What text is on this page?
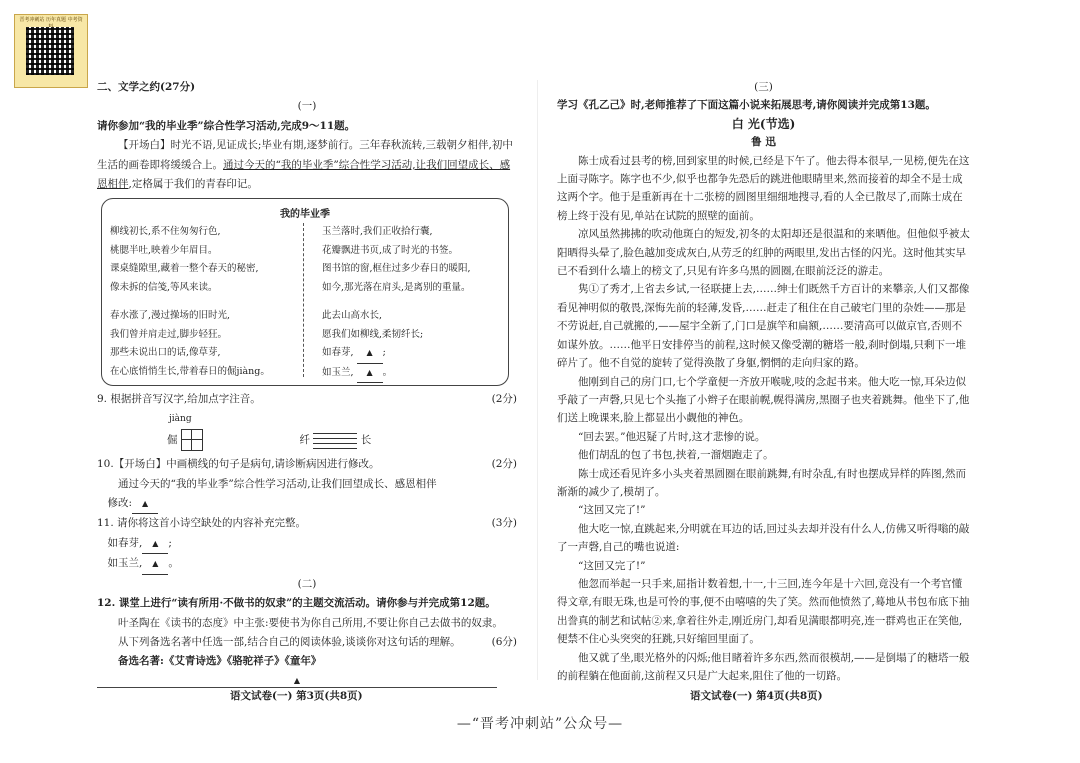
晋考冲刺站 历年真题 中考资
二、文学之约(27分)
(一)
请你参加“我的毕业季”综合性学习活动,完成9～11题。
【开场白】时光不语,见证成长;毕业有期,逐梦前行。三年春秋流转,三载朝夕相伴,初中生活的画卷即将缓缓合上。通过今天的“我的毕业季”综合性学习活动,让我们回望成长、感恩相伴,定格属于我们的青春印记。
我的毕业季
柳线初长,系不住匆匆行色,
桃腮半吐,映着少年眉目。
课桌缝隙里,藏着一整个春天的秘密,
像未拆的信笺,等风来读。
春水涨了,漫过操场的旧时光,
我们曾并肩走过,脚步轻狂。
那些未说出口的话,像草芽,
在心底悄悄生长,带着春日的倔jiàng。
玉兰落时,我们正收拾行囊,
花瓣飘进书页,成了时光的书签。
图书馆的窗,框住过多少春日的暖阳,
如今,那光落在肩头,是离别的重量。
此去山高水长,
愿我们如柳线,柔韧纤长;
如春芽, ▲ ;
如玉兰, ▲ 。
9. 根据拼音写汉字,给加点字注音。	(2分)
jiàng
倔	纤	长
10.【开场白】中画横线的句子是病句,请诊断病因进行修改。	(2分)
通过今天的“我的毕业季”综合性学习活动,让我们回望成长、感恩相伴
修改: ▲
11. 请你将这首小诗空缺处的内容补充完整。	(3分)
如春芽, ▲ ;
如玉兰, ▲ 。
(二)
12. 课堂上进行“读有所用·不做书的奴隶”的主题交流活动。请你参与并完成第12题。
叶圣陶在《读书的态度》中主张:要使书为你自己所用,不要让你自己去做书的奴隶。
从下列备选名著中任选一部,结合自己的阅读体验,谈谈你对这句话的理解。	(6分)
备选名著:《艾青诗选》《骆驼祥子》《童年》
▲
(三)
学习《孔乙己》时,老师推荐了下面这篇小说来拓展思考,请你阅读并完成第13题。
白 光(节选)
鲁 迅
陈士成看过县考的榜,回到家里的时候,已经是下午了。他去得本很早,一见榜,便先在这上面寻陈字。陈字也不少,似乎也都争先恐后的跳进他眼睛里来,然而接着的却全不是士成这两个字。他于是重新再在十二张榜的圆图里细细地搜寻,看的人全已散尽了,而陈士成在榜上终于没有见,单站在试院的照壁的面前。
凉风虽然拂拂的吹动他斑白的短发,初冬的太阳却还是很温和的来晒他。但他似乎被太阳晒得头晕了,脸色越加变成灰白,从劳乏的红肿的两眼里,发出古怪的闪光。这时他其实早已不看到什么墙上的榜文了,只见有许多乌黑的圆圈,在眼前泛泛的游走。
隽①了秀才,上省去乡试,一径联捷上去,……绅士们既然千方百计的来攀亲,人们又都像看见神明似的敬畏,深悔先前的轻薄,发昏,……赶走了租住在自己破宅门里的杂姓——那是不劳说赶,自己就搬的,——屋宇全新了,门口是旗竿和扁额,……要清高可以做京官,否则不如谋外放。……他平日安排停当的前程,这时候又像受潮的糖塔一般,刹时倒塌,只剩下一堆碎片了。他不自觉的旋转了觉得涣散了身躯,惘惘的走向归家的路。
他刚到自己的房门口,七个学童便一齐放开喉咙,吱的念起书来。他大吃一惊,耳朵边似乎敲了一声磬,只见七个头拖了小辫子在眼前幌,幌得满房,黑圈子也夹着跳舞。他坐下了,他们送上晚课来,脸上都显出小觑他的神色。
“回去罢。”他迟疑了片时,这才悲惨的说。
他们胡乱的包了书包,挟着,一溜烟跑走了。
陈士成还看见许多小头夹着黑圆圈在眼前跳舞,有时杂乱,有时也摆成异样的阵图,然而渐渐的减少了,模胡了。
“这回又完了!”
他大吃一惊,直跳起来,分明就在耳边的话,回过头去却并没有什么人,仿佛又听得嗡的敲了一声磬,自己的嘴也说道:
“这回又完了!”
他忽而举起一只手来,屈指计数着想,十一,十三回,连今年是十六回,竟没有一个考官懂得文章,有眼无珠,也是可怜的事,便不由嘻嘻的失了笑。然而他愤然了,蓦地从书包布底下抽出誊真的制艺和试帖②来,拿着往外走,刚近房门,却看见满眼都明亮,连一群鸡也正在笑他,便禁不住心头突突的狂跳,只好缩回里面了。
他又就了坐,眼光格外的闪烁;他目睹着许多东西,然而很模胡,——是倒塌了的糖塔一般的前程躺在他面前,这前程又只是广大起来,阻住了他的一切路。
语文试卷(一) 第3页(共8页)	语文试卷(一) 第4页(共8页)
—“晋考冲刺站”公众号—
